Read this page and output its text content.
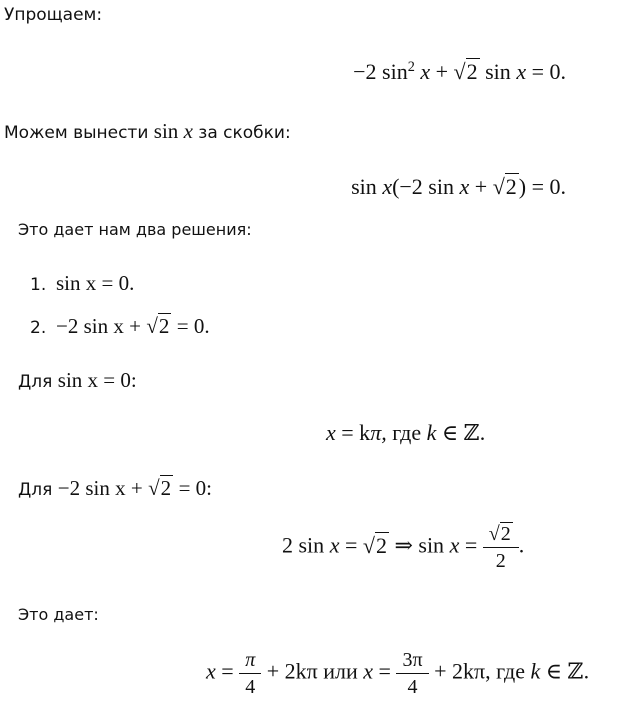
Упрощаем:
−2 $\sin^2 x + √2$ sin x = 0.
Можем вынести sin x за скобки:
sin x(−2 sin x + √2) = 0.
Это дает нам два решения:
1. sin x = 0.
2. −2 sin x + √2 = 0.
Для sin x = 0:
x = kπ, где k ∈ ℤ.
Для −2 sin x + √2 = 0:
2 sin x = √2 ⇒ $\sin x = \frac{√2}{2}$ .
Это дает:
$x = \frac{\pi}{4} + 2k\pi$ или $x = \frac{3\pi}{4} + 2k\pi$, где k ∈ ℤ.
